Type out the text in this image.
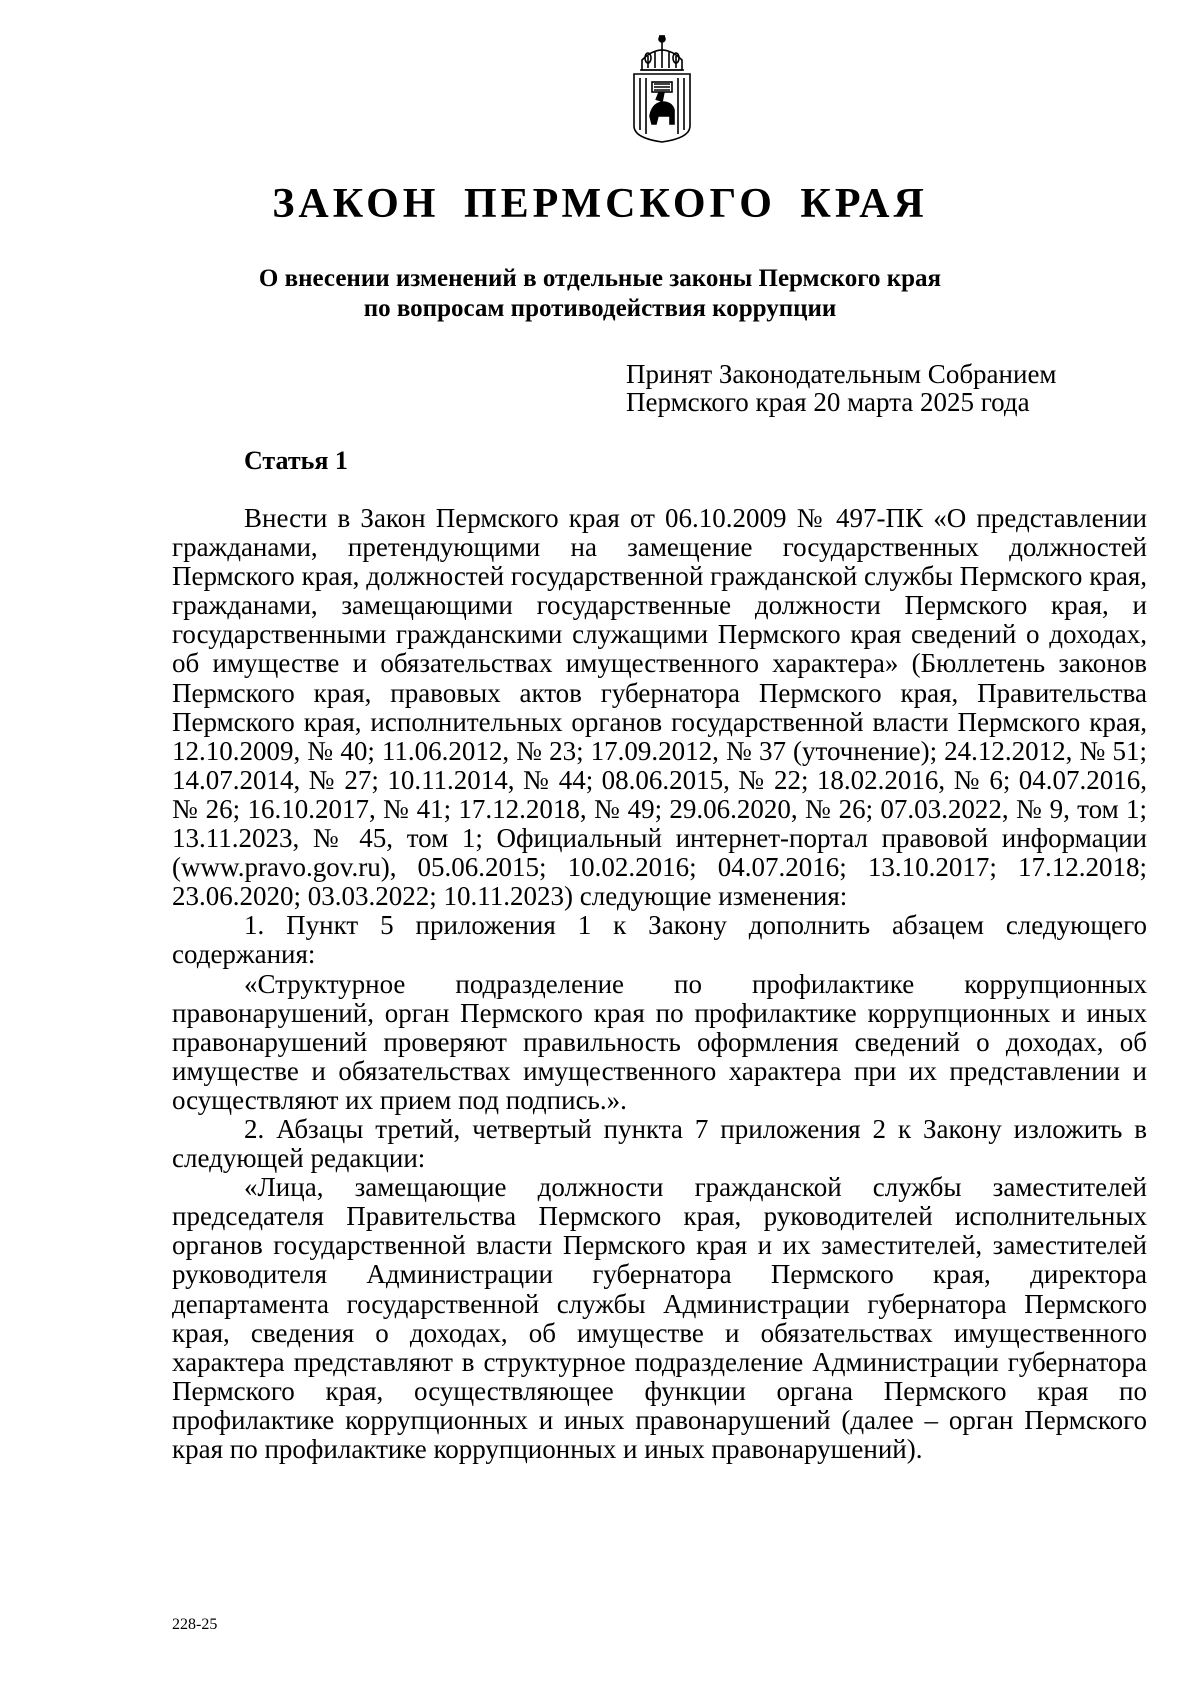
ЗАКОН ПЕРМСКОГО КРАЯ
О внесении изменений в отдельные законы Пермского края
по вопросам противодействия коррупции
Принят Законодательным Собранием
Пермского края 20 марта 2025 года
Статья 1

Внести в Закон Пермского края от 06.10.2009 № 497-ПК «О представлении гражданами, претендующими на замещение государственных должностей Пермского края, должностей государственной гражданской службы Пермского края, гражданами, замещающими государственные должности Пермского края, и государственными гражданскими служащими Пермского края сведений о доходах, об имуществе и обязательствах имущественного характера» (Бюллетень законов Пермского края, правовых актов губернатора Пермского края, Правительства Пермского края, исполнительных органов государственной власти Пермского края, 12.10.2009, № 40; 11.06.2012, № 23; 17.09.2012, № 37 (уточнение); 24.12.2012, № 51; 14.07.2014, № 27; 10.11.2014, № 44; 08.06.2015, № 22; 18.02.2016, № 6; 04.07.2016, № 26; 16.10.2017, № 41; 17.12.2018, № 49; 29.06.2020, № 26; 07.03.2022, № 9, том 1; 13.11.2023, № 45, том 1; Официальный интернет-портал правовой информации (www.pravo.gov.ru), 05.06.2015; 10.02.2016; 04.07.2016; 13.10.2017; 17.12.2018; 23.06.2020; 03.03.2022; 10.11.2023) следующие изменения:

1. Пункт 5 приложения 1 к Закону дополнить абзацем следующего содержания:

«Структурное подразделение по профилактике коррупционных правонарушений, орган Пермского края по профилактике коррупционных и иных правонарушений проверяют правильность оформления сведений о доходах, об имуществе и обязательствах имущественного характера при их представлении и осуществляют их прием под подпись.».

2. Абзацы третий, четвертый пункта 7 приложения 2 к Закону изложить в следующей редакции:

«Лица, замещающие должности гражданской службы заместителей председателя Правительства Пермского края, руководителей исполнительных органов государственной власти Пермского края и их заместителей, заместителей руководителя Администрации губернатора Пермского края, директора департамента государственной службы Администрации губернатора Пермского края, сведения о доходах, об имуществе и обязательствах имущественного характера представляют в структурное подразделение Администрации губернатора Пермского края, осуществляющее функции органа Пермского края по профилактике коррупционных и иных правонарушений (далее – орган Пермского края по профилактике коррупционных и иных правонарушений).

228-25
